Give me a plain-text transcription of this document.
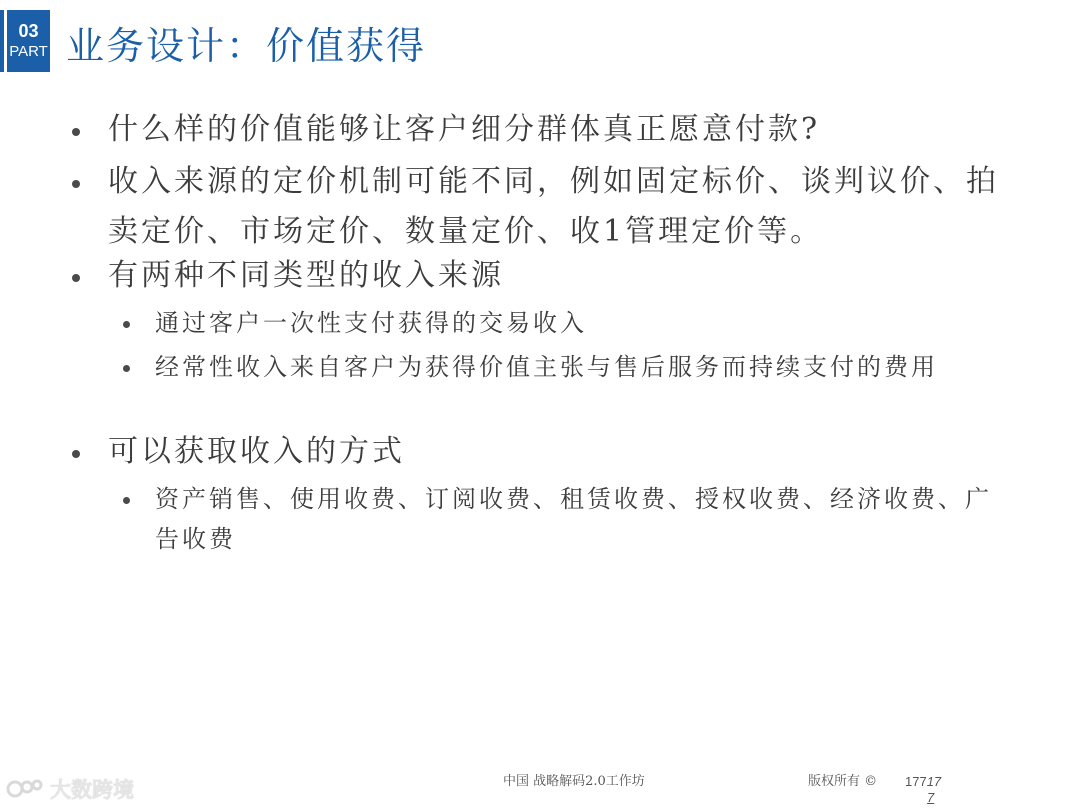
03
PART 业务设计：价值获得
什么样的价值能够让客户细分群体真正愿意付款?
收入来源的定价机制可能不同，例如固定标价、谈判议价、拍卖定价、市场定价、数量定价、收1管理定价等。
有两种不同类型的收入来源
通过客户一次性支付获得的交易收入
经常性收入来自客户为获得价值主张与售后服务而持续支付的费用
可以获取收入的方式
资产销售、使用收费、订阅收费、租赁收费、授权收费、经济收费、广告收费
中国 战略解码2.0工作坊	版权所有 © 17717
7
大数跨境
